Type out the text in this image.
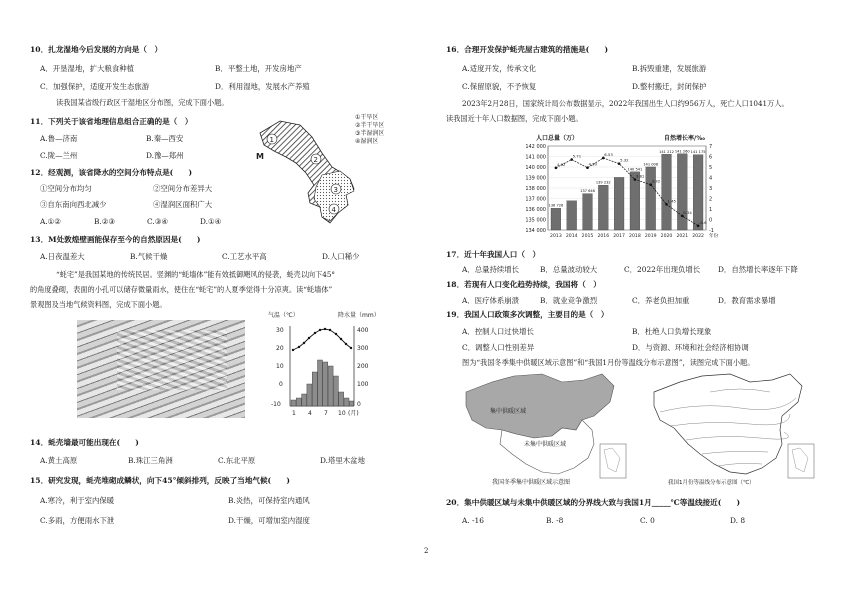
10．扎龙湿地今后发展的方向是（　）
A．开垦湿地，扩大粮食种植	B．平整土地，开发房地产
C．加强保护，适度开发生态旅游	D．利用湿地，发展水产养殖
读我国某省级行政区干湿地区分布图，完成下面小题。
11．下列关于该省地理信息组合正确的是（　）
A.鲁—济南	B.秦—西安
C.陇—兰州	D.豫—郑州
12．经观测，该省降水的空间分布特点是(　　)
①空间分布均匀	②空间分布差异大
③自东南向西北减少	④湿润区面积广大
A.①②	B.②③	C.③④	D.①④
13．M处敦煌壁画能保存至今的自然原因是(　　)
A.日夜温差大	B.气候干燥	C.工艺水平高	D.人口稀少
“蚝宅”是我国某地的传统民居。竖渊的“蚝墙体”能有效抵御飓风的侵袭，蚝壳以向下45°
的角度叠砌，表面的小孔可以储存微量雨水，使住在“蚝宅”的人夏季觉得十分凉爽。读“蚝墙体”
景观图及当地气候资料图，完成下面小题。
1
2
3
4
M
①干旱区
②半干旱区
③半湿润区
④湿润区
气温（℃）	降水量（mm）
30
20
10
0
-10
400
300
200
100
0
1 4 7 10 (月)
14．蚝壳墙最可能出现在(　　)
A.黄土高原	B.珠江三角洲	C.东北平原	D.塔里木盆地
15．研究发现，蚝壳堆砌成鳞状，向下45°倾斜排列，反映了当地气候(　　)
A.寒冷，利于室内保暖	B.炎热，可保持室内通风
C.多雨，方便雨水下泄	D.干燥，可增加室内湿度
16．合理开发保护蚝壳屋古建筑的措施是(　　)
A.适度开发，传承文化	B.拆毁重建，发展旅游
C.保留原貌，不予恢复	D.整村搬迁，封闭保护
2023年2月28日，国家统计局公布数据显示，2022年我国出生人口约956万人，死亡人口1041万人。
读我国近十年人口数据图，完成下面小题。
人口总量（万）	自然增长率/‰
142 000
141 000
140 000
139 000
138 000
137 000
136 000
135 000
134 000
7
6
5
4
3
2
1
0
-1
136 726
2013 2014
137 646
2015
139 232
2016 2017
140 541
2018
141 008
2019
141 212
2020
141 260
2021
141 175
2022
4.92
5.71
4.93
6.53
5.32
3.81
3.32
1.45
0.34
-0.6
年份
17．近十年我国人口（　）
A．总量持续增长	B．总量波动较大	C．2022年出现负增长 D．自然增长率逐年下降
18．若现有人口变化趋势持续，我国将（　）
A．医疗体系崩溃	B．就业竞争激烈	C．养老负担加重	D．教育需求暴增
19．我国人口政策多次调整，主要目的是（　）
A．控制人口过快增长	B．杜绝人口负增长现象
C．调整人口性别差异	D．与资源、环境和社会经济相协调
图为“我国冬季集中供暖区域示意图”和“我国1月份等温线分布示意图”，读图完成下面小题。
集中供暖区域
未集中供暖区域
我国冬季集中供暖区域示意图	我国1月份等温线分布示意图（℃）
20．集中供暖区域与未集中供暖区域的分界线大致与我国1月_____℃等温线接近(　　)
A. -16	B. -8	C. 0	D. 8
2
